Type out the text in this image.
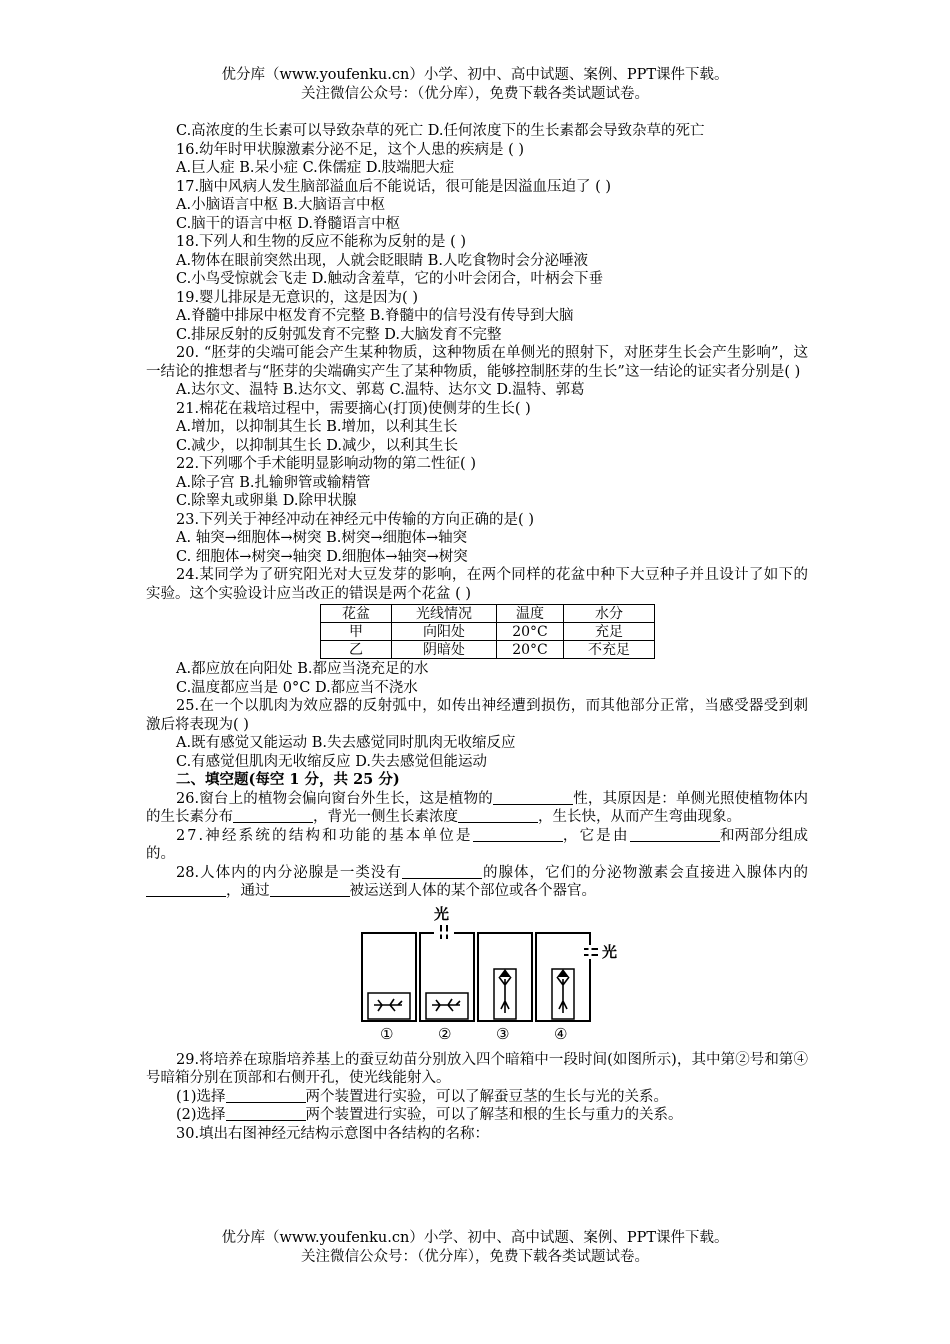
优分库（www.youfenku.cn）小学、初中、高中试题、案例、PPT课件下载。
关注微信公众号：（优分库），免费下载各类试题试卷。

C.高浓度的生长素可以导致杂草的死亡 D.任何浓度下的生长素都会导致杂草的死亡

16.幼年时甲状腺激素分泌不足，这个人患的疾病是 ( )

A.巨人症 B.呆小症 C.侏儒症 D.肢端肥大症

17.脑中风病人发生脑部溢血后不能说话，很可能是因溢血压迫了 ( )

A.小脑语言中枢 B.大脑语言中枢

C.脑干的语言中枢 D.脊髓语言中枢

18.下列人和生物的反应不能称为反射的是 ( )

A.物体在眼前突然出现，人就会眨眼睛 B.人吃食物时会分泌唾液

C.小鸟受惊就会飞走 D.触动含羞草，它的小叶会闭合，叶柄会下垂

19.婴儿排尿是无意识的，这是因为( )

A.脊髓中排尿中枢发育不完整 B.脊髓中的信号没有传导到大脑

C.排尿反射的反射弧发育不完整 D.大脑发育不完整

20. “胚芽的尖端可能会产生某种物质，这种物质在单侧光的照射下，对胚芽生长会产生影响”，这一结论的推想者与“胚芽的尖端确实产生了某种物质，能够控制胚芽的生长”这一结论的证实者分别是( )

A.达尔文、温特 B.达尔文、郭葛 C.温特、达尔文 D.温特、郭葛

21.棉花在栽培过程中，需要摘心(打顶)使侧芽的生长( )

A.增加，以抑制其生长 B.增加，以利其生长

C.减少，以抑制其生长 D.减少，以利其生长

22.下列哪个手术能明显影响动物的第二性征( )

A.除子宫 B.扎输卵管或输精管

C.除睾丸或卵巢 D.除甲状腺

23.下列关于神经冲动在神经元中传输的方向正确的是( )

A. 轴突→细胞体→树突 B.树突→细胞体→轴突

C. 细胞体→树突→轴突 D.细胞体→轴突→树突

24.某同学为了研究阳光对大豆发芽的影响，在两个同样的花盆中种下大豆种子并且设计了如下的实验。这个实验设计应当改正的错误是两个花盆 ( )

花盆	光线情况	温度	水分
甲	向阳处	20°C	充足
乙	阴暗处	20°C	不充足

A.都应放在向阳处 B.都应当浇充足的水

C.温度都应当是 0°C D.都应当不浇水

25.在一个以肌肉为效应器的反射弧中，如传出神经遭到损伤，而其他部分正常，当感受器受到刺激后将表现为( )

A.既有感觉又能运动 B.失去感觉同时肌肉无收缩反应

C.有感觉但肌肉无收缩反应 D.失去感觉但能运动

二、填空题(每空 1 分，共 25 分)

26.窗台上的植物会偏向窗台外生长，这是植物的	性，其原因是：单侧光照使植物体内的生长素分布	，背光一侧生长素浓度	，生长快，从而产生弯曲现象。

27.神经系统的结构和功能的基本单位是	，它是由	和两部分组成的。

28.人体内的内分泌腺是一类没有	的腺体，它们的分泌物激素会直接进入腺体内的，通过	被运送到人体的某个部位或各个器官。

光
光
①	②	③	④

29.将培养在琼脂培养基上的蚕豆幼苗分别放入四个暗箱中一段时间(如图所示)，其中第②号和第④号暗箱分别在顶部和右侧开孔，使光线能射入。

(1)选择	两个装置进行实验，可以了解蚕豆茎的生长与光的关系。

(2)选择	两个装置进行实验，可以了解茎和根的生长与重力的关系。

30.填出右图神经元结构示意图中各结构的名称：

优分库（www.youfenku.cn）小学、初中、高中试题、案例、PPT课件下载。
关注微信公众号：（优分库），免费下载各类试题试卷。
